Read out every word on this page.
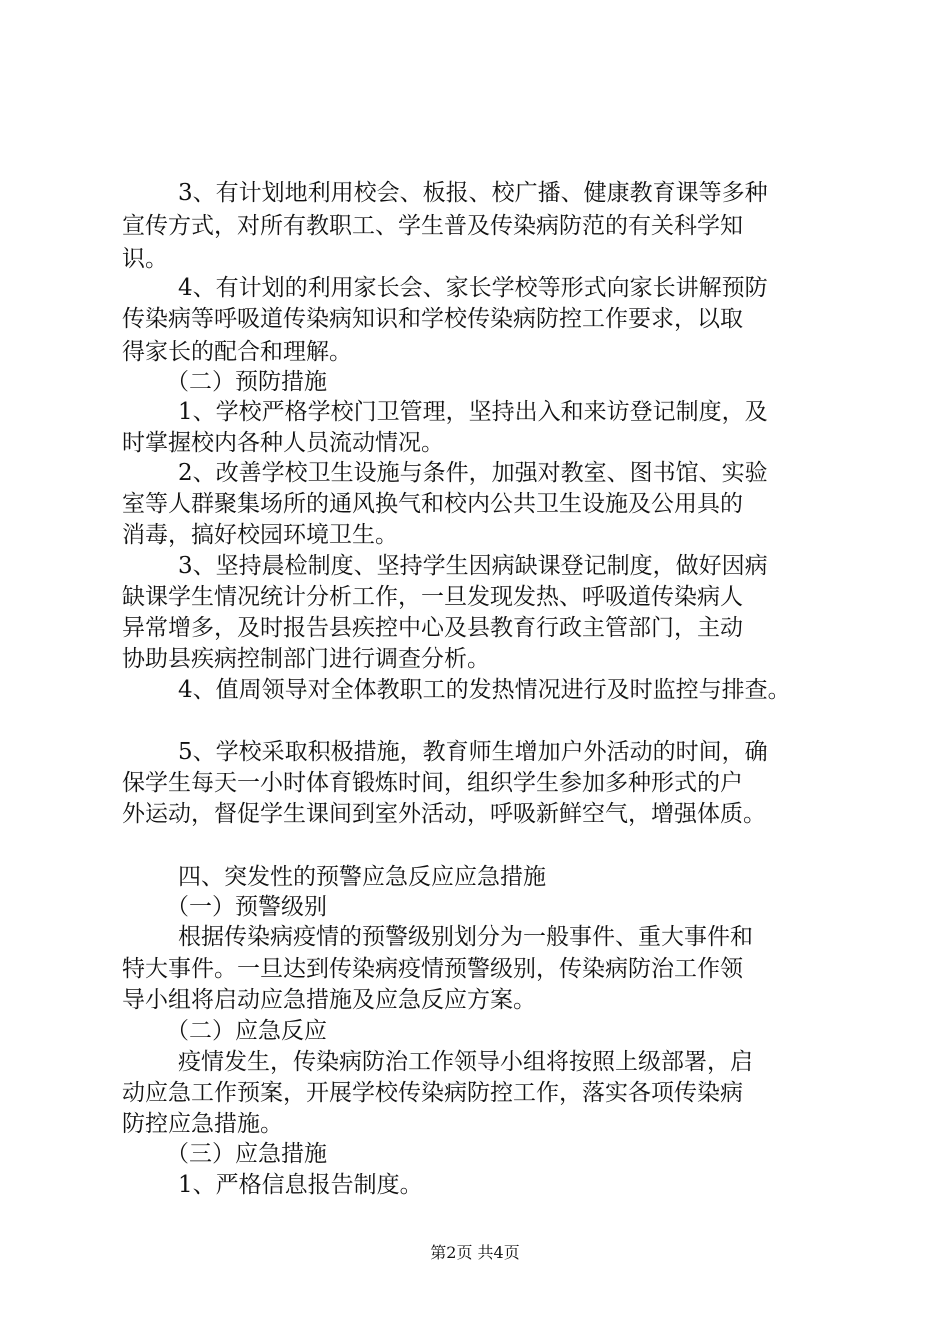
3、有计划地利用校会、板报、校广播、健康教育课等多种
宣传方式，对所有教职工、学生普及传染病防范的有关科学知
识。
4、有计划的利用家长会、家长学校等形式向家长讲解预防
传染病等呼吸道传染病知识和学校传染病防控工作要求，以取
得家长的配合和理解。
（二）预防措施
1、学校严格学校门卫管理，坚持出入和来访登记制度，及
时掌握校内各种人员流动情况。
2、改善学校卫生设施与条件，加强对教室、图书馆、实验
室等人群聚集场所的通风换气和校内公共卫生设施及公用具的
消毒，搞好校园环境卫生。
3、坚持晨检制度、坚持学生因病缺课登记制度，做好因病
缺课学生情况统计分析工作，一旦发现发热、呼吸道传染病人
异常增多，及时报告县疾控中心及县教育行政主管部门，主动
协助县疾病控制部门进行调查分析。
4、值周领导对全体教职工的发热情况进行及时监控与排查。
5、学校采取积极措施，教育师生增加户外活动的时间，确
保学生每天一小时体育锻炼时间，组织学生参加多种形式的户
外运动，督促学生课间到室外活动，呼吸新鲜空气，增强体质。
四、突发性的预警应急反应应急措施
（一）预警级别
根据传染病疫情的预警级别划分为一般事件、重大事件和
特大事件。一旦达到传染病疫情预警级别，传染病防治工作领
导小组将启动应急措施及应急反应方案。
（二）应急反应
疫情发生，传染病防治工作领导小组将按照上级部署，启
动应急工作预案，开展学校传染病防控工作，落实各项传染病
防控应急措施。
（三）应急措施
1、严格信息报告制度。
第2页 共4页
